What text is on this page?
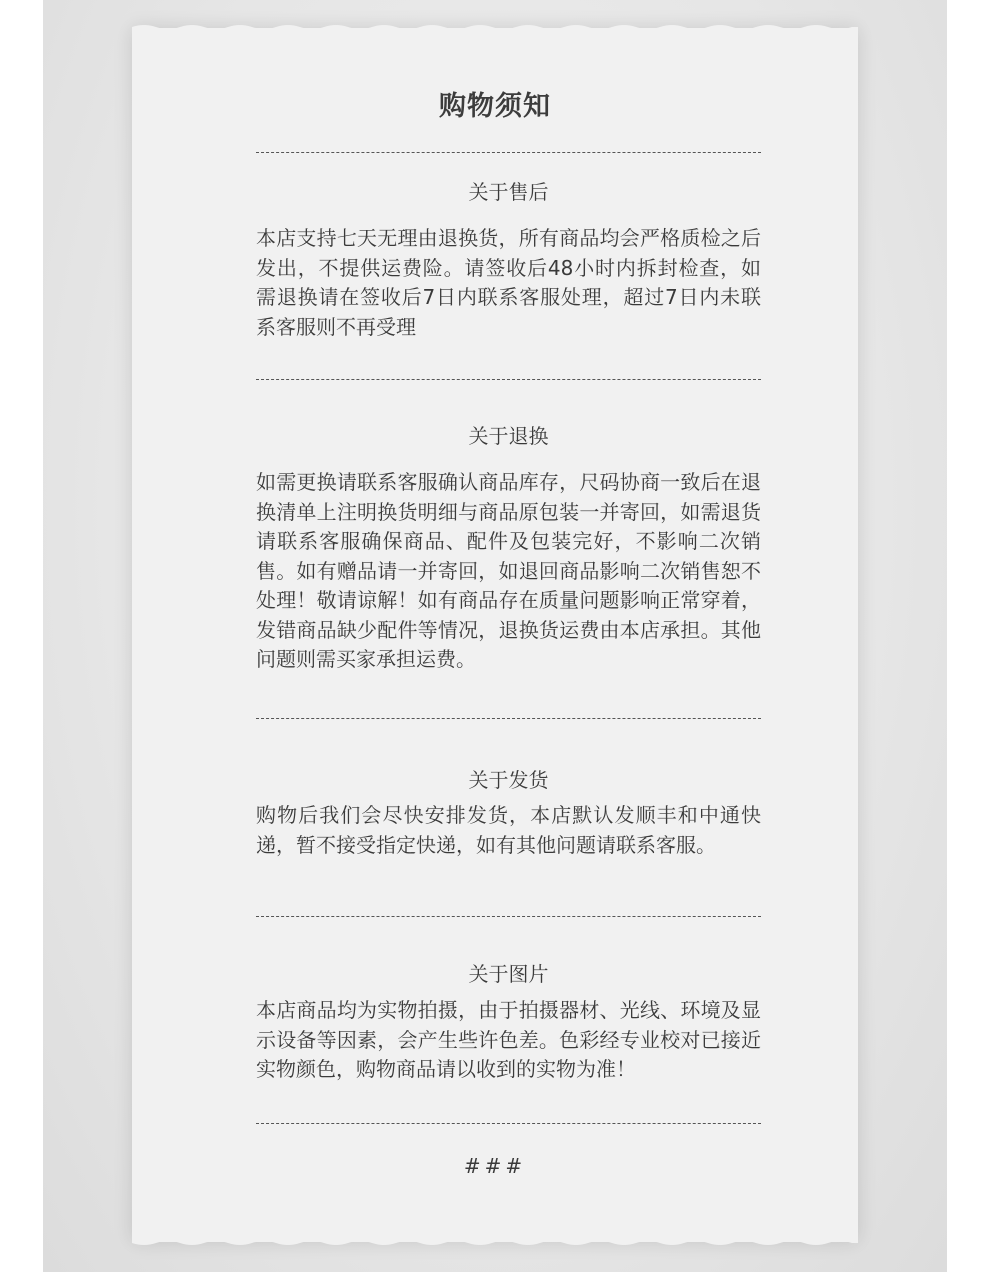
购物须知
关于售后
本店支持七天无理由退换货，所有商品均会严格质检之后发出，不提供运费险。请签收后48小时内拆封检查，如需退换请在签收后7日内联系客服处理，超过7日内未联系客服则不再受理
关于退换
如需更换请联系客服确认商品库存，尺码协商一致后在退换清单上注明换货明细与商品原包装一并寄回，如需退货请联系客服确保商品、配件及包装完好，不影响二次销售。如有赠品请一并寄回，如退回商品影响二次销售恕不处理！敬请谅解！如有商品存在质量问题影响正常穿着，发错商品缺少配件等情况，退换货运费由本店承担。其他问题则需买家承担运费。
关于发货
购物后我们会尽快安排发货，本店默认发顺丰和中通快递，暂不接受指定快递，如有其他问题请联系客服。
关于图片
本店商品均为实物拍摄，由于拍摄器材、光线、环境及显示设备等因素，会产生些许色差。色彩经专业校对已接近实物颜色，购物商品请以收到的实物为准！
###
